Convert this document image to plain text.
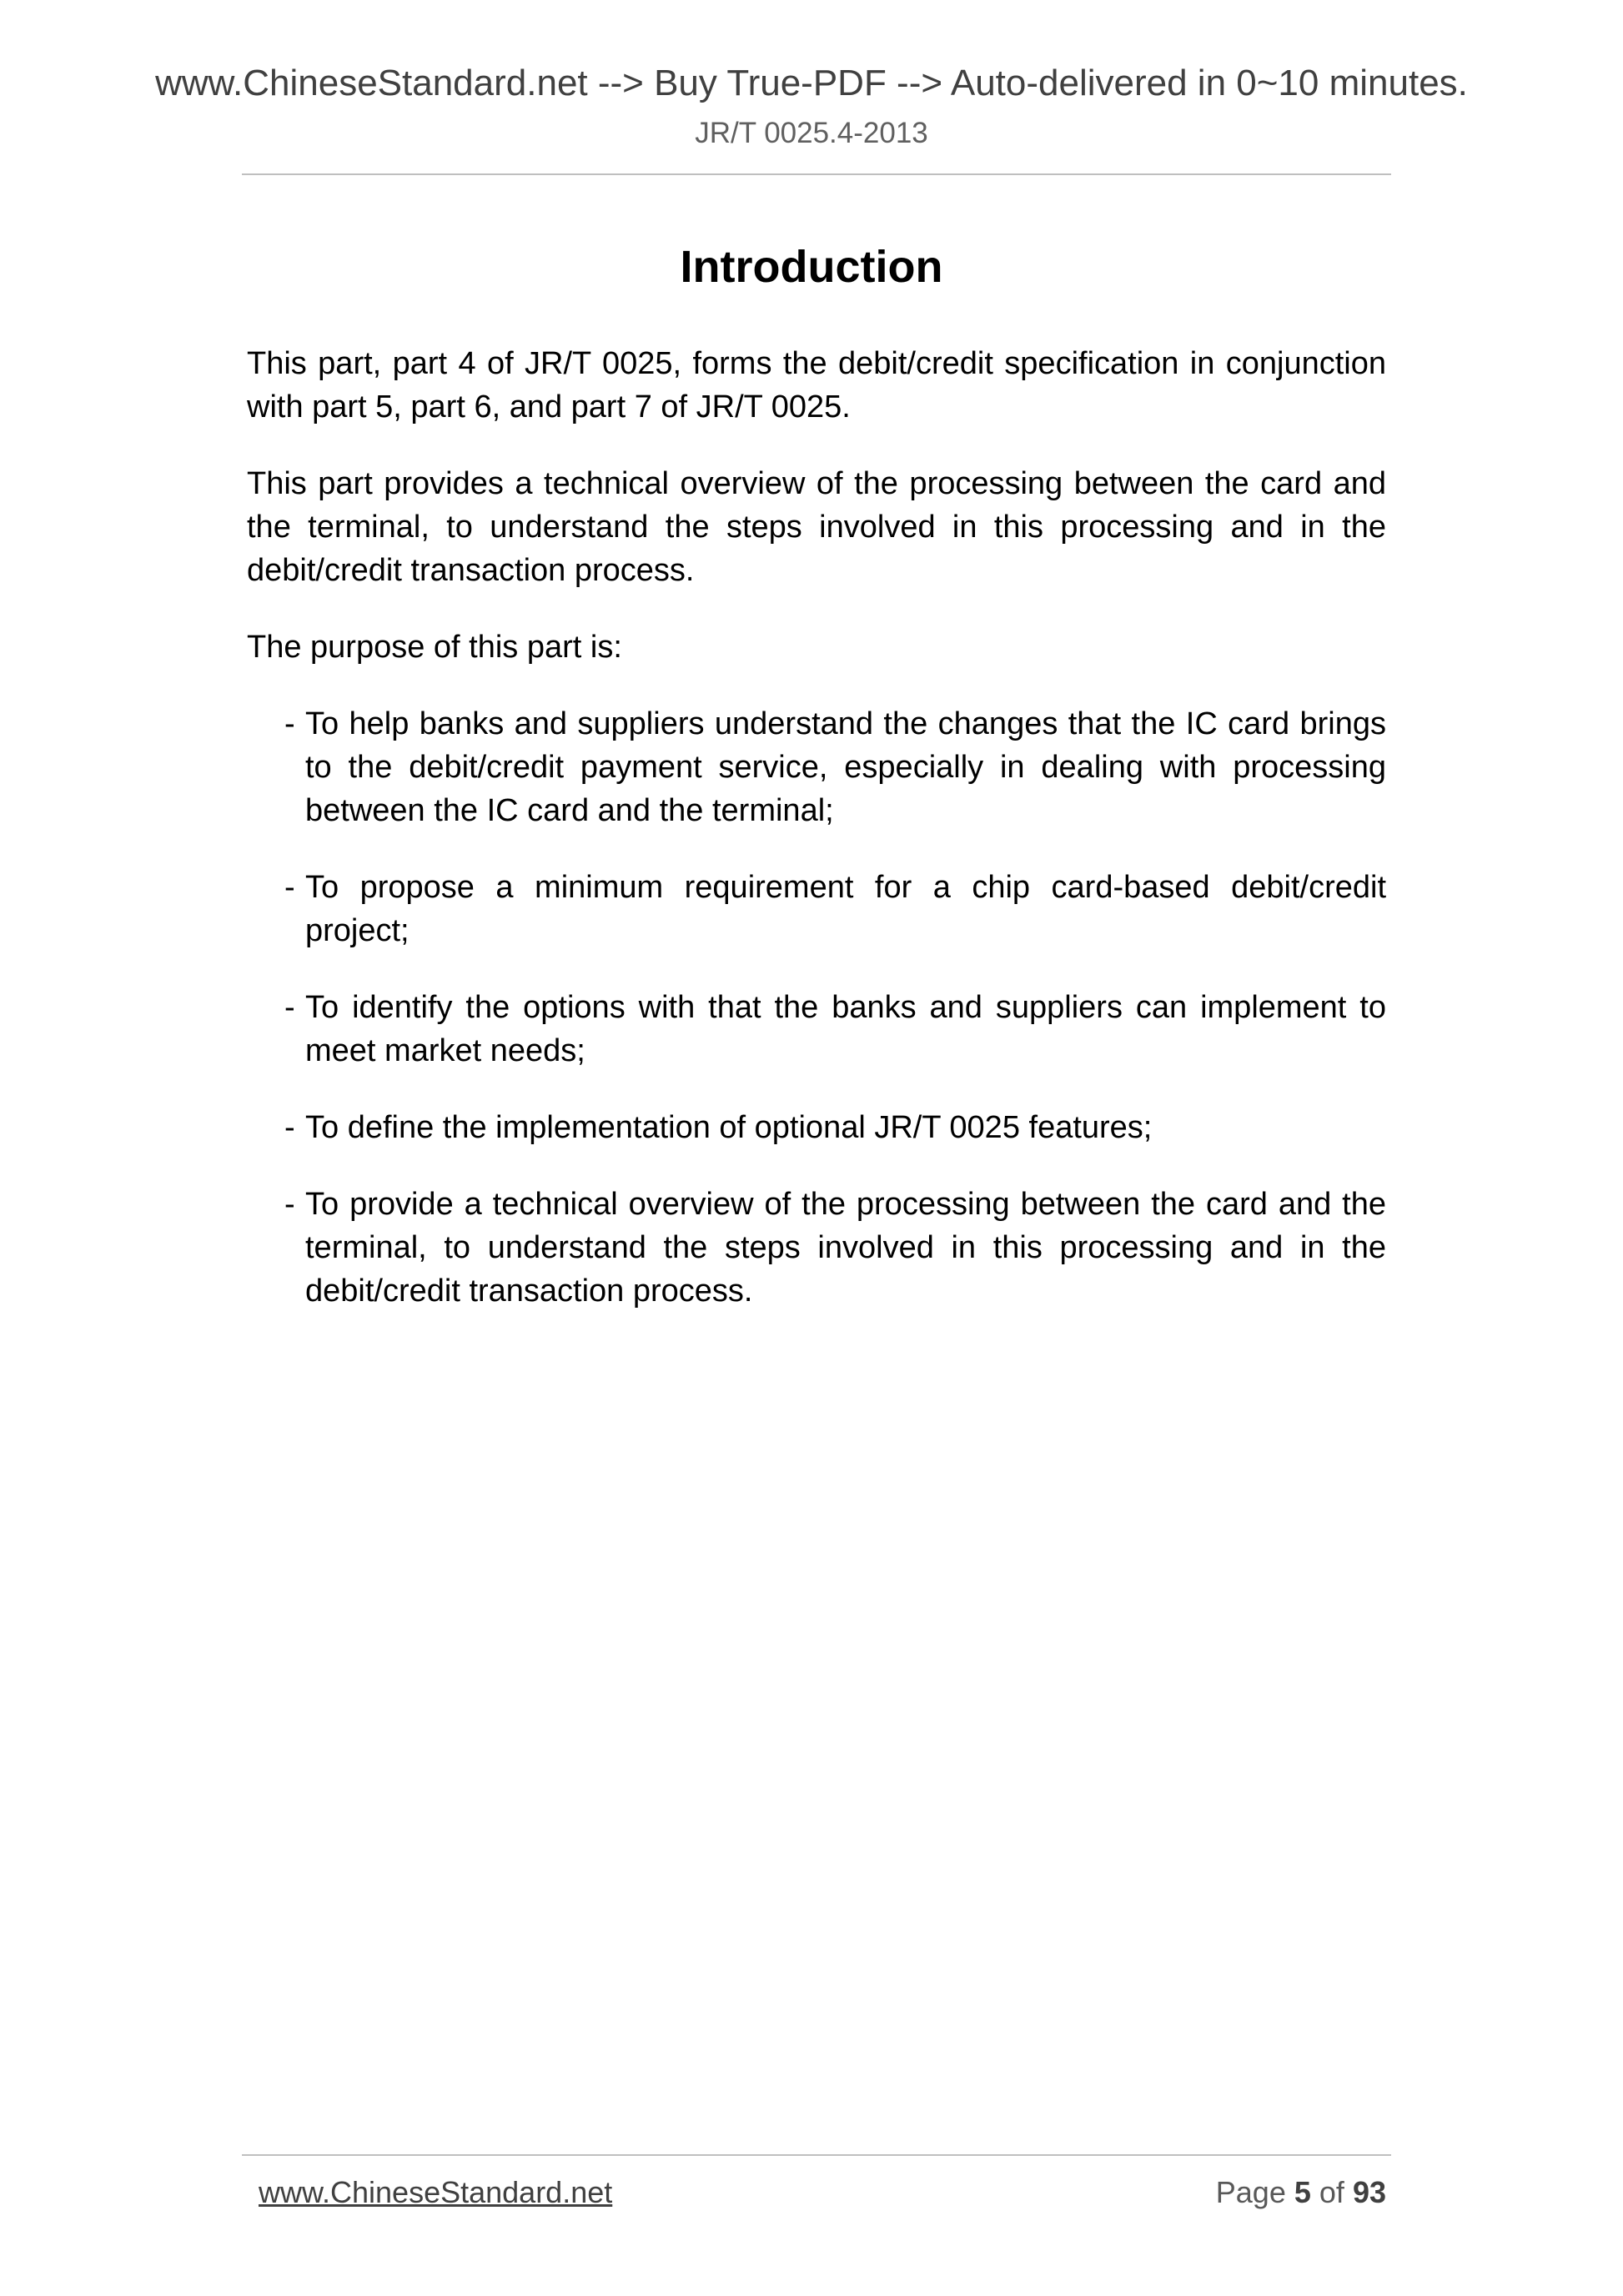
www.ChineseStandard.net --> Buy True-PDF --> Auto-delivered in 0~10 minutes.
JR/T 0025.4-2013
Introduction

This part, part 4 of JR/T 0025, forms the debit/credit specification in conjunction with part 5, part 6, and part 7 of JR/T 0025.

This part provides a technical overview of the processing between the card and the terminal, to understand the steps involved in this processing and in the debit/credit transaction process.

The purpose of this part is:

- To help banks and suppliers understand the changes that the IC card brings to the debit/credit payment service, especially in dealing with processing between the IC card and the terminal;
- To propose a minimum requirement for a chip card-based debit/credit project;
- To identify the options with that the banks and suppliers can implement to meet market needs;
- To define the implementation of optional JR/T 0025 features;
- To provide a technical overview of the processing between the card and the terminal, to understand the steps involved in this processing and in the debit/credit transaction process.
www.ChineseStandard.net	Page 5 of 93
